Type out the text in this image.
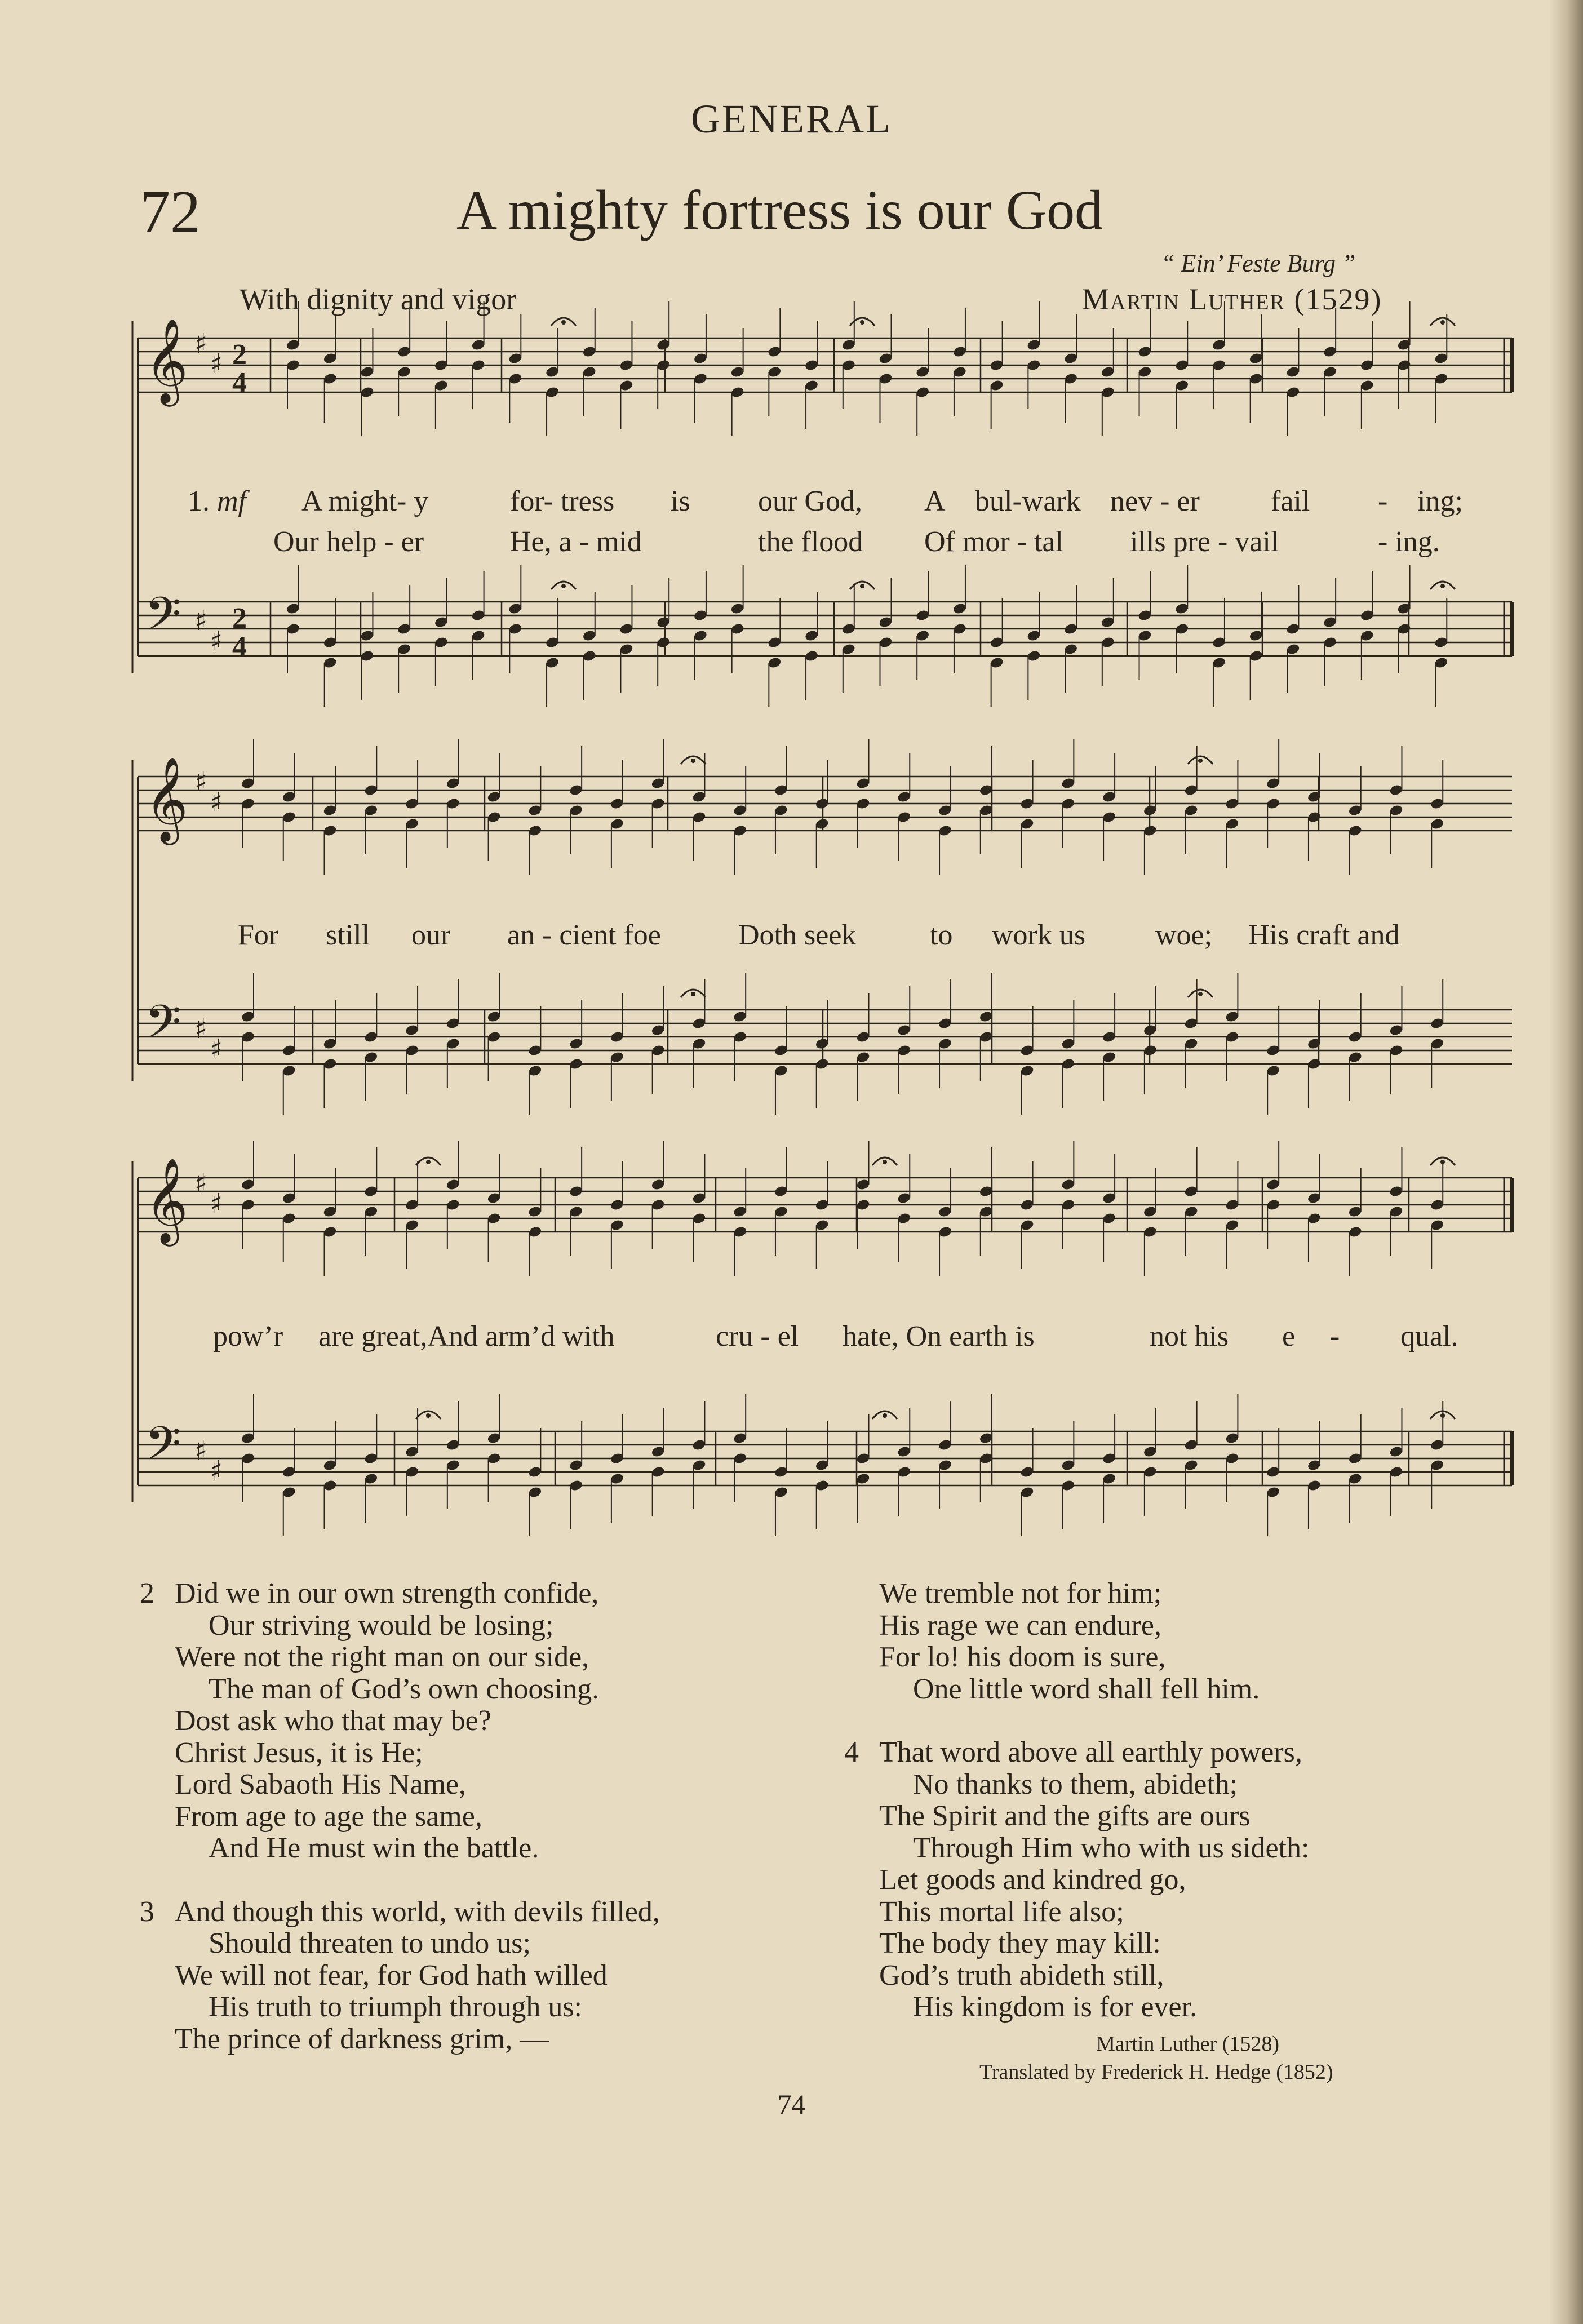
GENERAL
72	A mighty fortress is our God
“ Ein’ Feste Burg ”
With dignity and vigor	Martin Luther (1529)
𝄞
𝄢
♯
♯
♯
♯
2
4
2
4
𝄞
𝄢
♯
♯
♯
♯
𝄞
𝄢
♯
♯
♯
♯
1. mf A might- y	for- tress is our God, A bul-wark nev - er fail - ing;
Our help - er	He, a - mid	the flood Of mor - tal ills pre - vail	- ing.
For still our an - cient foe	Doth seek	to work us woe; His craft and
pow’r are great,And arm’d with	cru - el hate, On earth is	not his e - qual.
2 Did we in our own strength confide,
Our striving would be losing;
Were not the right man on our side,
The man of God’s own choosing.
Dost ask who that may be?
Christ Jesus, it is He;
Lord Sabaoth His Name,
From age to age the same,
And He must win the battle.
3 And though this world, with devils filled,
Should threaten to undo us;
We will not fear, for God hath willed
His truth to triumph through us:
The prince of darkness grim, —
We tremble not for him;
His rage we can endure,
For lo! his doom is sure,
One little word shall fell him.
4 That word above all earthly powers,
No thanks to them, abideth;
The Spirit and the gifts are ours
Through Him who with us sideth:
Let goods and kindred go,
This mortal life also;
The body they may kill:
God’s truth abideth still,
His kingdom is for ever.
Martin Luther (1528)
Translated by Frederick H. Hedge (1852)
74
